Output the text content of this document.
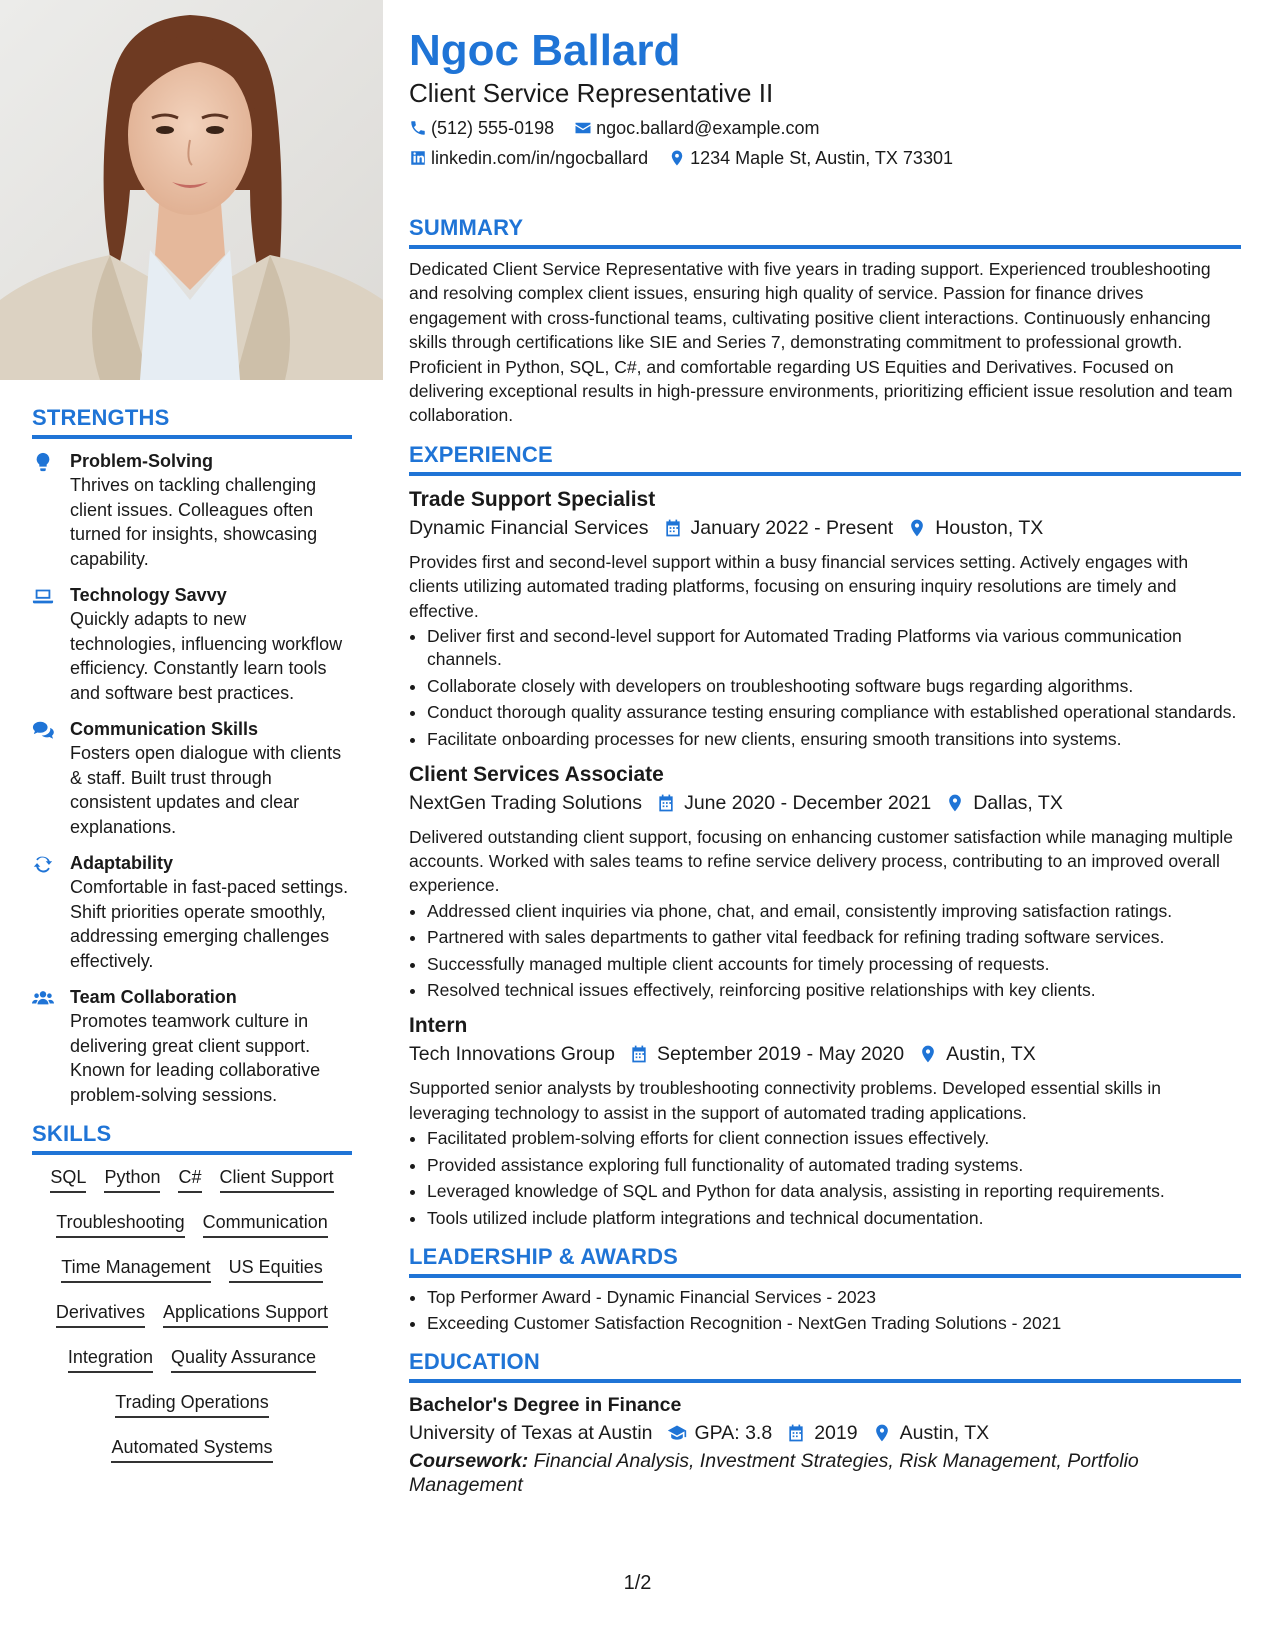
STRENGTHS
Problem-Solving
Thrives on tackling challenging client issues. Colleagues often turned for insights, showcasing capability.
Technology Savvy
Quickly adapts to new technologies, influencing workflow efficiency. Constantly learn tools and software best practices.
Communication Skills
Fosters open dialogue with clients & staff. Built trust through consistent updates and clear explanations.
Adaptability
Comfortable in fast-paced settings. Shift priorities operate smoothly, addressing emerging challenges effectively.
Team Collaboration
Promotes teamwork culture in delivering great client support. Known for leading collaborative problem-solving sessions.
SKILLS
SQL Python C# Client Support
Troubleshooting Communication
Time Management US Equities
Derivatives Applications Support
Integration Quality Assurance
Trading Operations
Automated Systems
Ngoc Ballard
Client Service Representative II
(512) 555-0198 ngoc.ballard@example.com
linkedin.com/in/ngocballard 1234 Maple St, Austin, TX 73301
SUMMARY
Dedicated Client Service Representative with five years in trading support. Experienced troubleshooting and resolving complex client issues, ensuring high quality of service. Passion for finance drives engagement with cross-functional teams, cultivating positive client interactions. Continuously enhancing skills through certifications like SIE and Series 7, demonstrating commitment to professional growth. Proficient in Python, SQL, C#, and comfortable regarding US Equities and Derivatives. Focused on delivering exceptional results in high-pressure environments, prioritizing efficient issue resolution and team collaboration.
EXPERIENCE
Trade Support Specialist
Dynamic Financial Services January 2022 - Present Houston, TX
Provides first and second-level support within a busy financial services setting. Actively engages with clients utilizing automated trading platforms, focusing on ensuring inquiry resolutions are timely and effective.
• Deliver first and second-level support for Automated Trading Platforms via various communication channels.
• Collaborate closely with developers on troubleshooting software bugs regarding algorithms.
• Conduct thorough quality assurance testing ensuring compliance with established operational standards.
• Facilitate onboarding processes for new clients, ensuring smooth transitions into systems.
Client Services Associate
NextGen Trading Solutions June 2020 - December 2021 Dallas, TX
Delivered outstanding client support, focusing on enhancing customer satisfaction while managing multiple accounts. Worked with sales teams to refine service delivery process, contributing to an improved overall experience.
• Addressed client inquiries via phone, chat, and email, consistently improving satisfaction ratings.
• Partnered with sales departments to gather vital feedback for refining trading software services.
• Successfully managed multiple client accounts for timely processing of requests.
• Resolved technical issues effectively, reinforcing positive relationships with key clients.
Intern
Tech Innovations Group September 2019 - May 2020 Austin, TX
Supported senior analysts by troubleshooting connectivity problems. Developed essential skills in leveraging technology to assist in the support of automated trading applications.
• Facilitated problem-solving efforts for client connection issues effectively.
• Provided assistance exploring full functionality of automated trading systems.
• Leveraged knowledge of SQL and Python for data analysis, assisting in reporting requirements.
• Tools utilized include platform integrations and technical documentation.
LEADERSHIP & AWARDS
• Top Performer Award - Dynamic Financial Services - 2023
• Exceeding Customer Satisfaction Recognition - NextGen Trading Solutions - 2021
EDUCATION
Bachelor's Degree in Finance
University of Texas at Austin GPA: 3.8 2019 Austin, TX
Coursework: Financial Analysis, Investment Strategies, Risk Management, Portfolio Management
1/2
